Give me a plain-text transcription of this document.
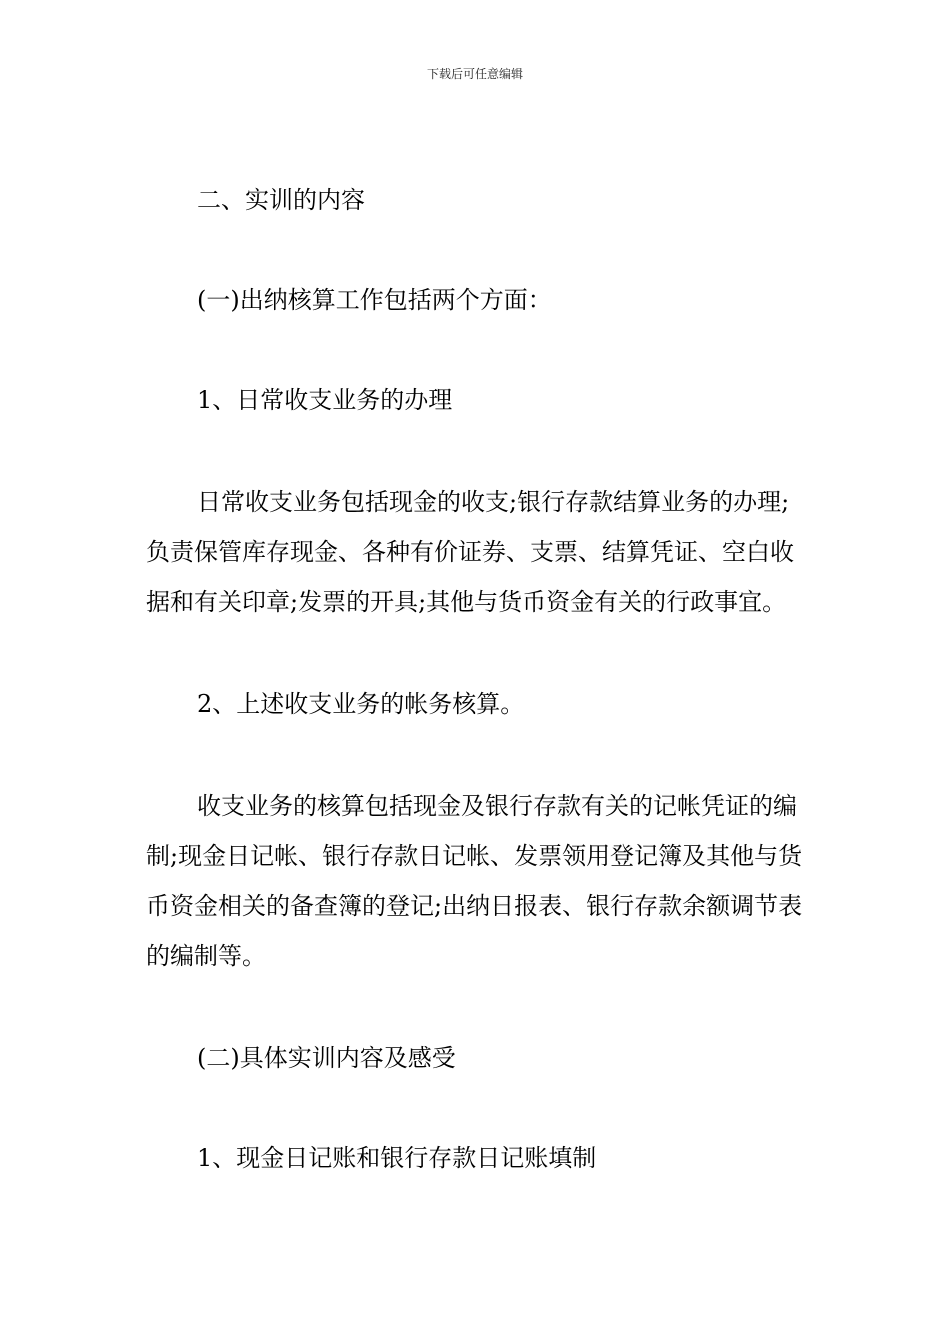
下载后可任意编辑

二、实训的内容

(一)出纳核算工作包括两个方面：

1、日常收支业务的办理

日常收支业务包括现金的收支;银行存款结算业务的办理;负责保管库存现金、各种有价证券、支票、结算凭证、空白收据和有关印章;发票的开具;其他与货币资金有关的行政事宜。

2、上述收支业务的帐务核算。

收支业务的核算包括现金及银行存款有关的记帐凭证的编制;现金日记帐、银行存款日记帐、发票领用登记簿及其他与货币资金相关的备查簿的登记;出纳日报表、银行存款余额调节表的编制等。

(二)具体实训内容及感受

1、现金日记账和银行存款日记账填制
